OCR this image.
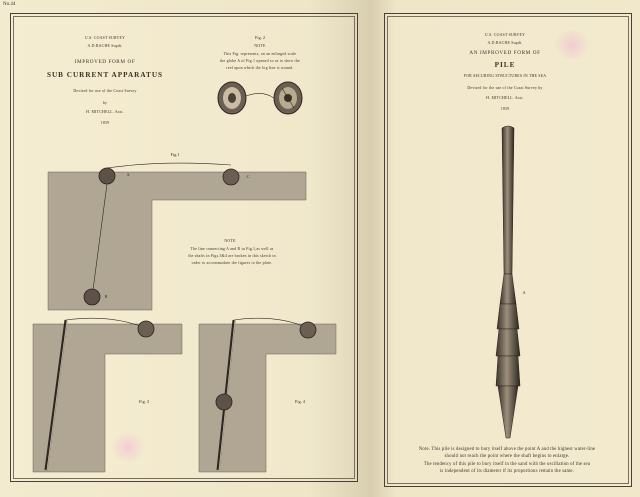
No.44
U.S. COAST SURVEY
A.D.BACHE Supdt.
IMPROVED FORM OF
SUB CURRENT APPARATUS
Devised for use of the Coast Survey
by
H. MITCHELL. Asst.
1859
Fig. 2
NOTE
This Fig. represents, on an enlarged scale
the globe A of Fig.1 opened so as to show the
reel upon which the log line is wound.
Fig.1
A	C
B
NOTE
The line connecting A and B in Fig.1,as well as
the shafts in Figs.3&4 are broken in this sketch in
order to accommodate the figures to the plate.
Fig. 3	Fig. 4
U.S. COAST SURVEY
A.D.BACHE Supdt.
AN IMPROVED FORM OF
PILE
FOR SECURING STRUCTURES IN THE SEA
Devised for the use of the Coast Survey by
H. MITCHELL. Asst.
1859
A
Note. This pile is designed to bury itself above the point A and the highest water-line
should not reach the point where the shaft begins to enlarge.
The tendency of this pile to bury itself in the sand with the oscillation of the sea
is independent of its diameter if its proportions remain the same.
